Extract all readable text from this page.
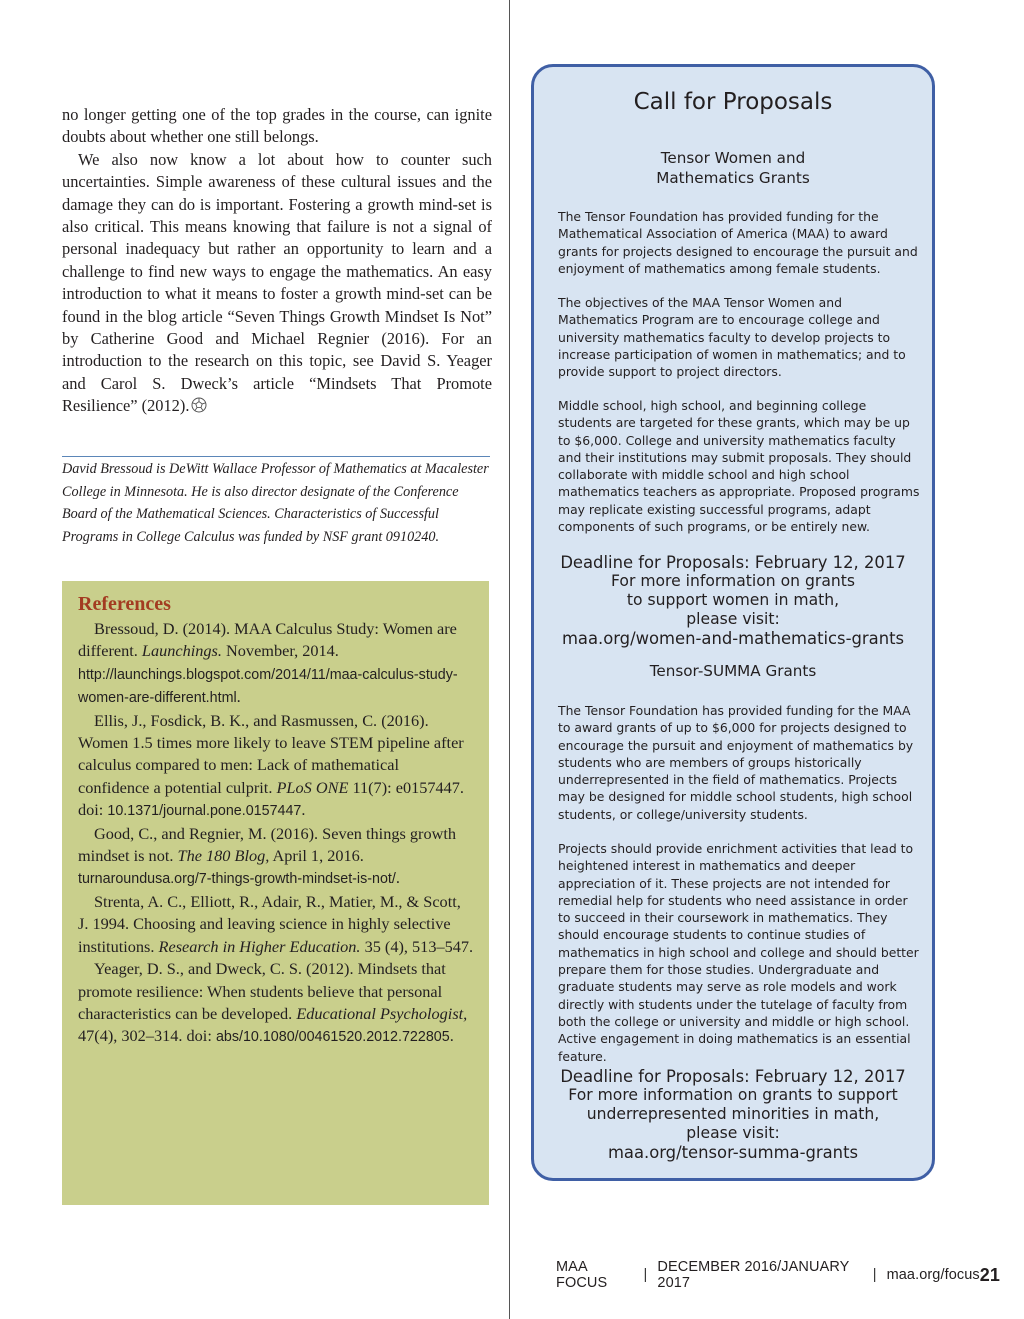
no longer getting one of the top grades in the course, can ignite doubts about whether one still belongs.

We also now know a lot about how to counter such uncertainties. Simple awareness of these cultural issues and the damage they can do is important. Fostering a growth mind-set is also critical. This means knowing that failure is not a signal of personal inadequacy but rather an opportunity to learn and a challenge to find new ways to engage the mathematics. An easy introduction to what it means to foster a growth mind-set can be found in the blog article “Seven Things Growth Mindset Is Not” by Catherine Good and Michael Regnier (2016). For an introduction to the research on this topic, see David S. Yeager and Carol S. Dweck’s article “Mindsets That Promote Resilience” (2012).

David Bressoud is DeWitt Wallace Professor of Mathematics at Macalester College in Minnesota. He is also director designate of the Conference Board of the Mathematical Sciences. Characteristics of Successful Programs in College Calculus was funded by NSF grant 0910240.
References

Bressoud, D. (2014). MAA Calculus Study: Women are different. Launchings. November, 2014. http://launchings.blogspot.com/2014/11/maa-calculus-study-women-are-different.html.

Ellis, J., Fosdick, B. K., and Rasmussen, C. (2016). Women 1.5 times more likely to leave STEM pipeline after calculus compared to men: Lack of mathematical confidence a potential culprit. PLoS ONE 11(7): e0157447. doi: 10.1371/journal.pone.0157447.

Good, C., and Regnier, M. (2016). Seven things growth mindset is not. The 180 Blog, April 1, 2016. turnaroundusa.org/7-things-growth-mindset-is-not/.

Strenta, A. C., Elliott, R., Adair, R., Matier, M., & Scott, J. 1994. Choosing and leaving science in highly selective institutions. Research in Higher Education. 35 (4), 513–547.

Yeager, D. S., and Dweck, C. S. (2012). Mindsets that promote resilience: When students believe that personal characteristics can be developed. Educational Psychologist, 47(4), 302–314. doi: abs/10.1080/00461520.2012.722805.

Call for Proposals
Tensor Women and Mathematics Grants

The Tensor Foundation has provided funding for the Mathematical Association of America (MAA) to award grants for projects designed to encourage the pursuit and enjoyment of mathematics among female students.

The objectives of the MAA Tensor Women and Mathematics Program are to encourage college and university mathematics faculty to develop projects to increase participation of women in mathematics; and to provide support to project directors.

Middle school, high school, and beginning college students are targeted for these grants, which may be up to $6,000. College and university mathematics faculty and their institutions may submit proposals. They should collaborate with middle school and high school mathematics teachers as appropriate. Proposed programs may replicate existing successful programs, adapt components of such programs, or be entirely new.

Deadline for Proposals: February 12, 2017
For more information on grants to support women in math, please visit:
maa.org/women-and-mathematics-grants
Tensor-SUMMA Grants

The Tensor Foundation has provided funding for the MAA to award grants of up to $6,000 for projects designed to encourage the pursuit and enjoyment of mathematics by students who are members of groups historically underrepresented in the field of mathematics. Projects may be designed for middle school students, high school students, or college/university students.

Projects should provide enrichment activities that lead to heightened interest in mathematics and deeper appreciation of it. These projects are not intended for remedial help for students who need assistance in order to succeed in their coursework in mathematics. They should encourage students to continue studies of mathematics in high school and college and should better prepare them for those studies. Undergraduate and graduate students may serve as role models and work directly with students under the tutelage of faculty from both the college or university and middle or high school. Active engagement in doing mathematics is an essential feature.

Deadline for Proposals: February 12, 2017
For more information on grants to support underrepresented minorities in math, please visit:
maa.org/tensor-summa-grants
MAA FOCUS	| DECEMBER 2016/JANUARY 2017	| maa.org/focus 21
